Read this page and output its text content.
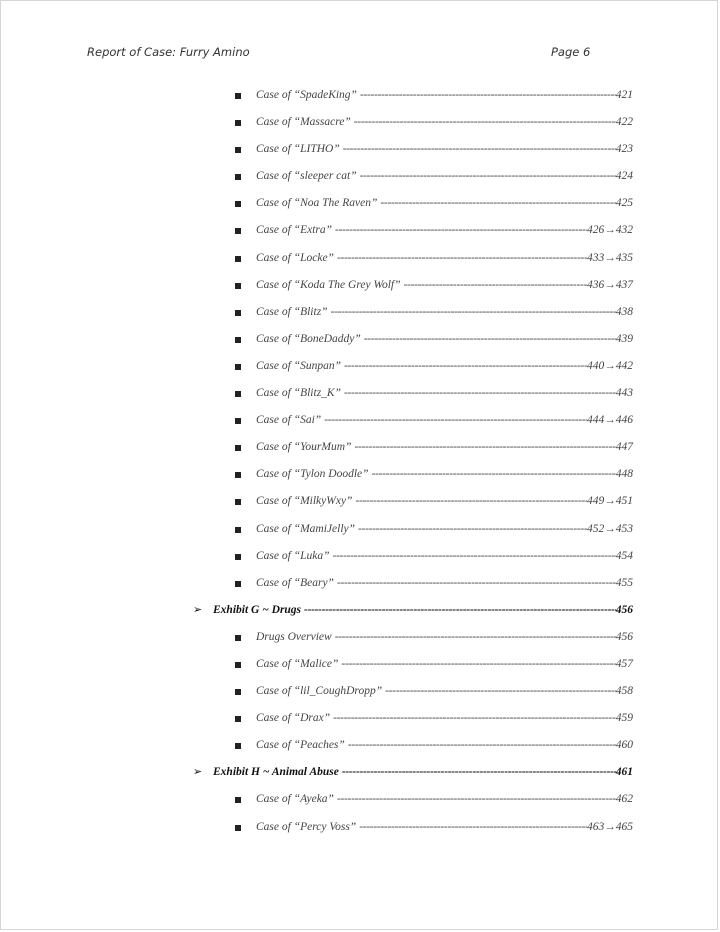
Report of Case: Furry Amino	Page 6
Case of “SpadeKing” -----	421
Case of “Massacre” -----	422
Case of “LITHO” -----	423
Case of “sleeper cat” -----	424
Case of “Noa The Raven” -----	425
Case of “Extra” -----	426→432
Case of “Locke” -----	433→435
Case of “Koda The Grey Wolf” -----	436→437
Case of “Blitz” -----	438
Case of “BoneDaddy” -----	439
Case of “Sunpan” -----	440→442
Case of “Blitz_K” -----	443
Case of “Sai” -----	444→446
Case of “YourMum” -----	447
Case of “Tylon Doodle” -----	448
Case of “MilkyWxy” -----	449→451
Case of “MamiJelly” -----	452→453
Case of “Luka” -----	454
Case of “Beary” -----	455
➢ Exhibit G ~ Drugs -----	456
Drugs Overview -----	456
Case of “Malice” -----	457
Case of “lil_CoughDropp” -----	458
Case of “Drax” -----	459
Case of “Peaches” -----	460
➢ Exhibit H ~ Animal Abuse -----	461
Case of “Ayeka” -----	462
Case of “Percy Voss” -----	463→465
